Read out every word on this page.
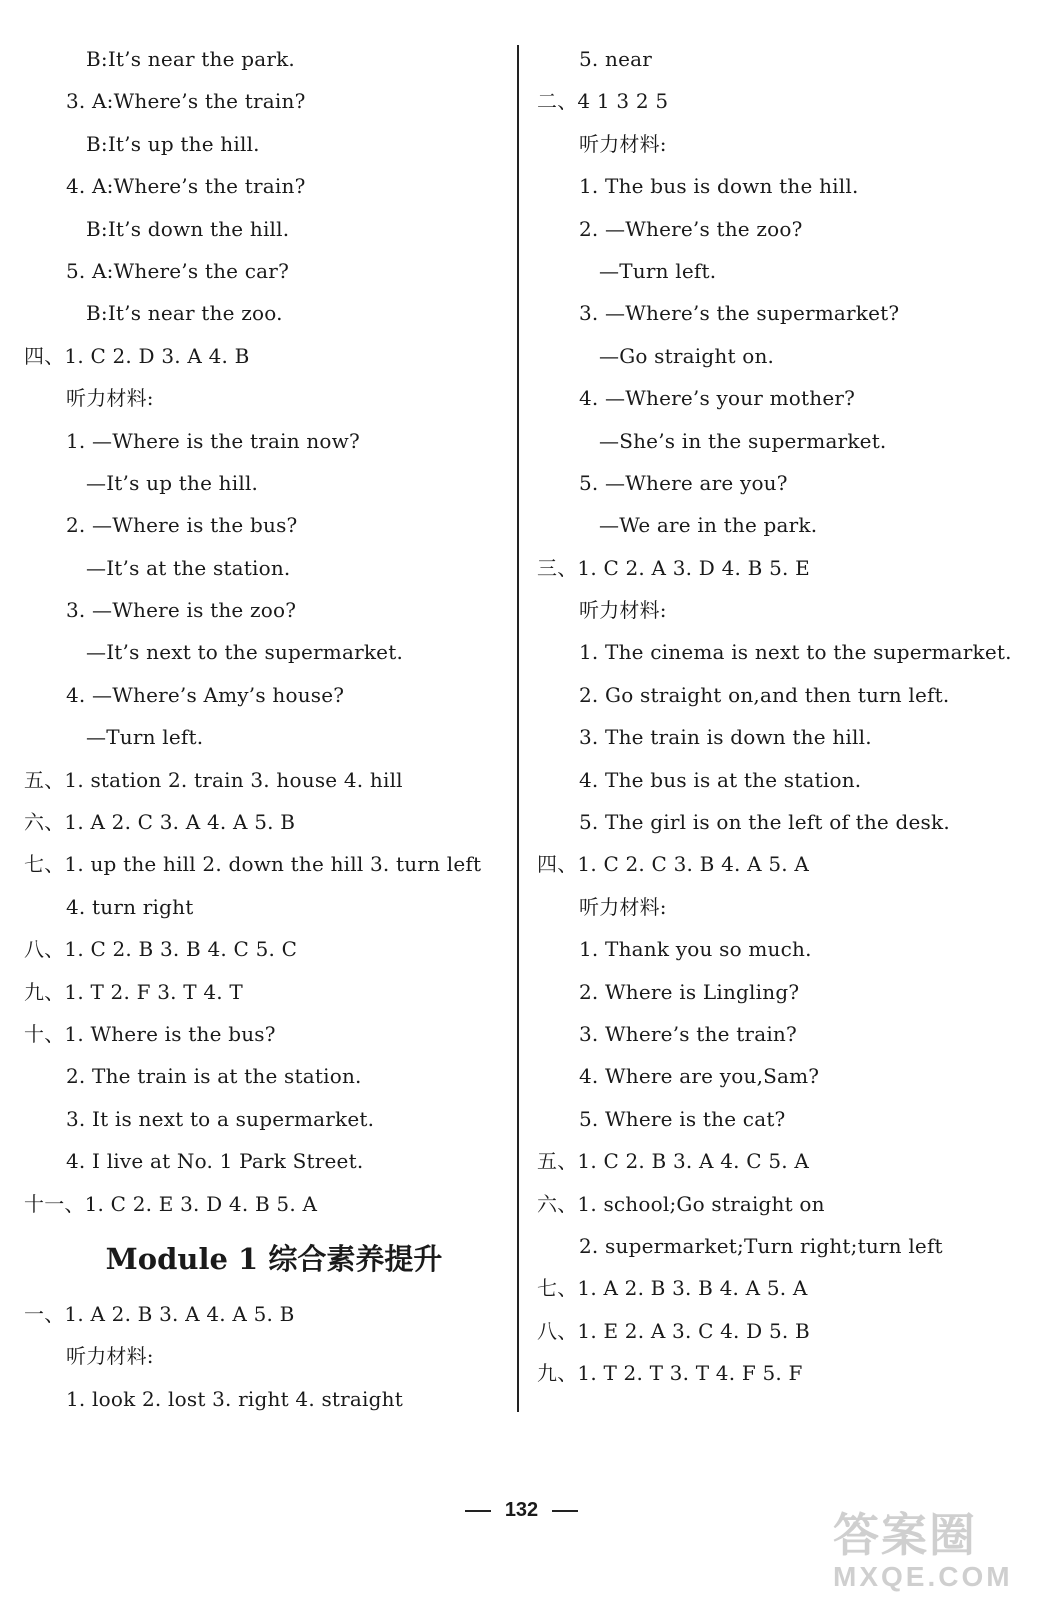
B:It’s near the park.
3. A:Where’s the train?
B:It’s up the hill.
4. A:Where’s the train?
B:It’s down the hill.
5. A:Where’s the car?
B:It’s near the zoo.
四、1. C 2. D 3. A 4. B
听力材料:
1. —Where is the train now?
—It’s up the hill.
2. —Where is the bus?
—It’s at the station.
3. —Where is the zoo?
—It’s next to the supermarket.
4. —Where’s Amy’s house?
—Turn left.
五、1. station 2. train 3. house 4. hill
六、1. A 2. C 3. A 4. A 5. B
七、1. up the hill 2. down the hill 3. turn left
4. turn right
八、1. C 2. B 3. B 4. C 5. C
九、1. T 2. F 3. T 4. T
十、1. Where is the bus?
2. The train is at the station.
3. It is next to a supermarket.
4. I live at No. 1 Park Street.
十一、1. C 2. E 3. D 4. B 5. A
Module 1 综合素养提升
一、1. A 2. B 3. A 4. A 5. B
听力材料:
1. look 2. lost 3. right 4. straight
5. near
二、4 1 3 2 5
听力材料:
1. The bus is down the hill.
2. —Where’s the zoo?
—Turn left.
3. —Where’s the supermarket?
—Go straight on.
4. —Where’s your mother?
—She’s in the supermarket.
5. —Where are you?
—We are in the park.
三、1. C 2. A 3. D 4. B 5. E
听力材料:
1. The cinema is next to the supermarket.
2. Go straight on,and then turn left.
3. The train is down the hill.
4. The bus is at the station.
5. The girl is on the left of the desk.
四、1. C 2. C 3. B 4. A 5. A
听力材料:
1. Thank you so much.
2. Where is Lingling?
3. Where’s the train?
4. Where are you,Sam?
5. Where is the cat?
五、1. C 2. B 3. A 4. C 5. A
六、1. school;Go straight on
2. supermarket;Turn right;turn left
七、1. A 2. B 3. B 4. A 5. A
八、1. E 2. A 3. C 4. D 5. B
九、1. T 2. T 3. T 4. F 5. F
132	答案圈
MXQE.COM
